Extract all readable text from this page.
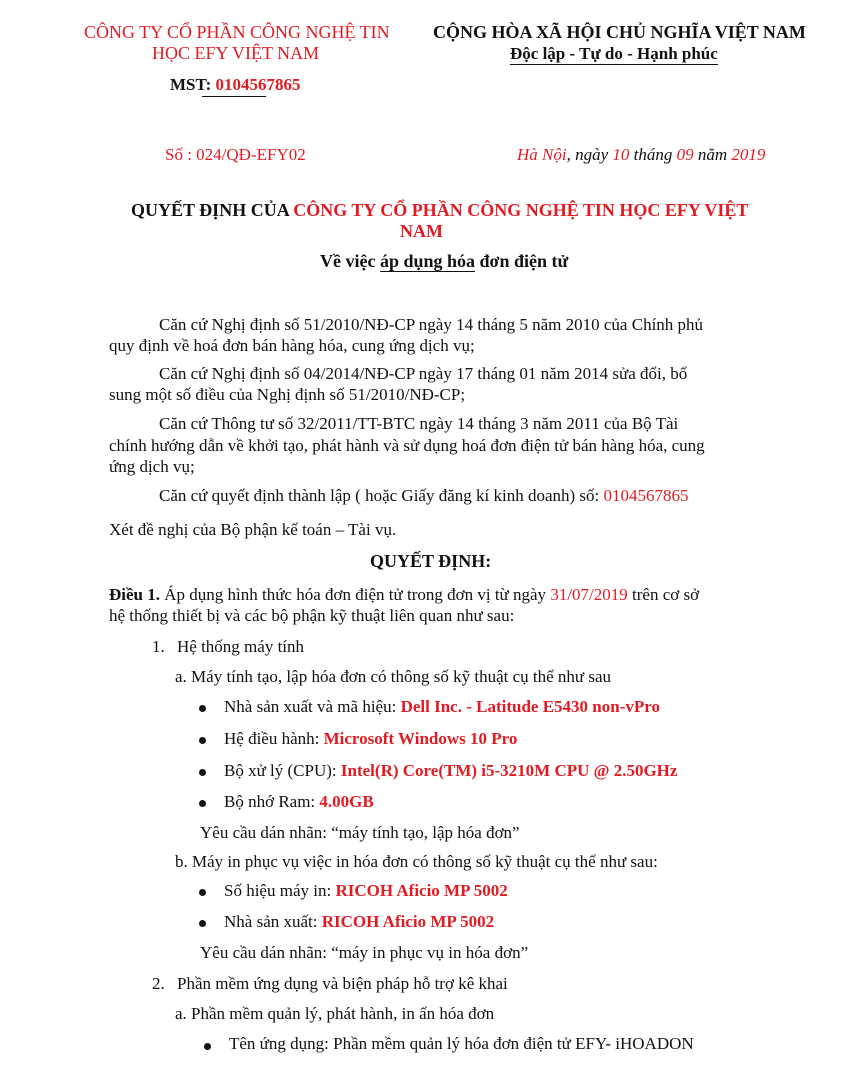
CÔNG TY CỔ PHẦN CÔNG NGHỆ TIN
HỌC EFY VIỆT NAM
MST: 0104567865
CỘNG HÒA XÃ HỘI CHỦ NGHĨA VIỆT NAM
Độc lập - Tự do - Hạnh phúc
Số : 024/QĐ-EFY02	Hà Nội, ngày 10 tháng 09 năm 2019
QUYẾT ĐỊNH CỦA CÔNG TY CỔ PHẦN CÔNG NGHỆ TIN HỌC EFY VIỆT
NAM
Về việc áp dụng hóa đơn điện tử
Căn cứ Nghị định số 51/2010/NĐ-CP ngày 14 tháng 5 năm 2010 của Chính phủ
quy định về hoá đơn bán hàng hóa, cung ứng dịch vụ;
Căn cứ Nghị định số 04/2014/NĐ-CP ngày 17 tháng 01 năm 2014 sửa đổi, bổ
sung một số điều của Nghị định số 51/2010/NĐ-CP;
Căn cứ Thông tư số 32/2011/TT-BTC ngày 14 tháng 3 năm 2011 của Bộ Tài
chính hướng dẫn về khởi tạo, phát hành và sử dụng hoá đơn điện tử bán hàng hóa, cung
ứng dịch vụ;
Căn cứ quyết định thành lập ( hoặc Giấy đăng kí kinh doanh) số: 0104567865
Xét đề nghị của Bộ phận kế toán – Tài vụ.
QUYẾT ĐỊNH:
Điều 1. Áp dụng hình thức hóa đơn điện tử trong đơn vị từ ngày 31/07/2019 trên cơ sở
hệ thống thiết bị và các bộ phận kỹ thuật liên quan như sau:
1. Hệ thống máy tính
a. Máy tính tạo, lập hóa đơn có thông số kỹ thuật cụ thể như sau
Nhà sản xuất và mã hiệu: Dell Inc. - Latitude E5430 non-vPro
Hệ điều hành: Microsoft Windows 10 Pro
Bộ xử lý (CPU): Intel(R) Core(TM) i5-3210M CPU @ 2.50GHz
Bộ nhớ Ram: 4.00GB
Yêu cầu dán nhãn: “máy tính tạo, lập hóa đơn”
b. Máy in phục vụ việc in hóa đơn có thông số kỹ thuật cụ thể như sau:
Số hiệu máy in: RICOH Aficio MP 5002
Nhà sản xuất: RICOH Aficio MP 5002
Yêu cầu dán nhãn: “máy in phục vụ in hóa đơn”
2. Phần mềm ứng dụng và biện pháp hỗ trợ kê khai
a. Phần mềm quản lý, phát hành, in ấn hóa đơn
Tên ứng dụng: Phần mềm quản lý hóa đơn điện tử EFY- iHOADON
